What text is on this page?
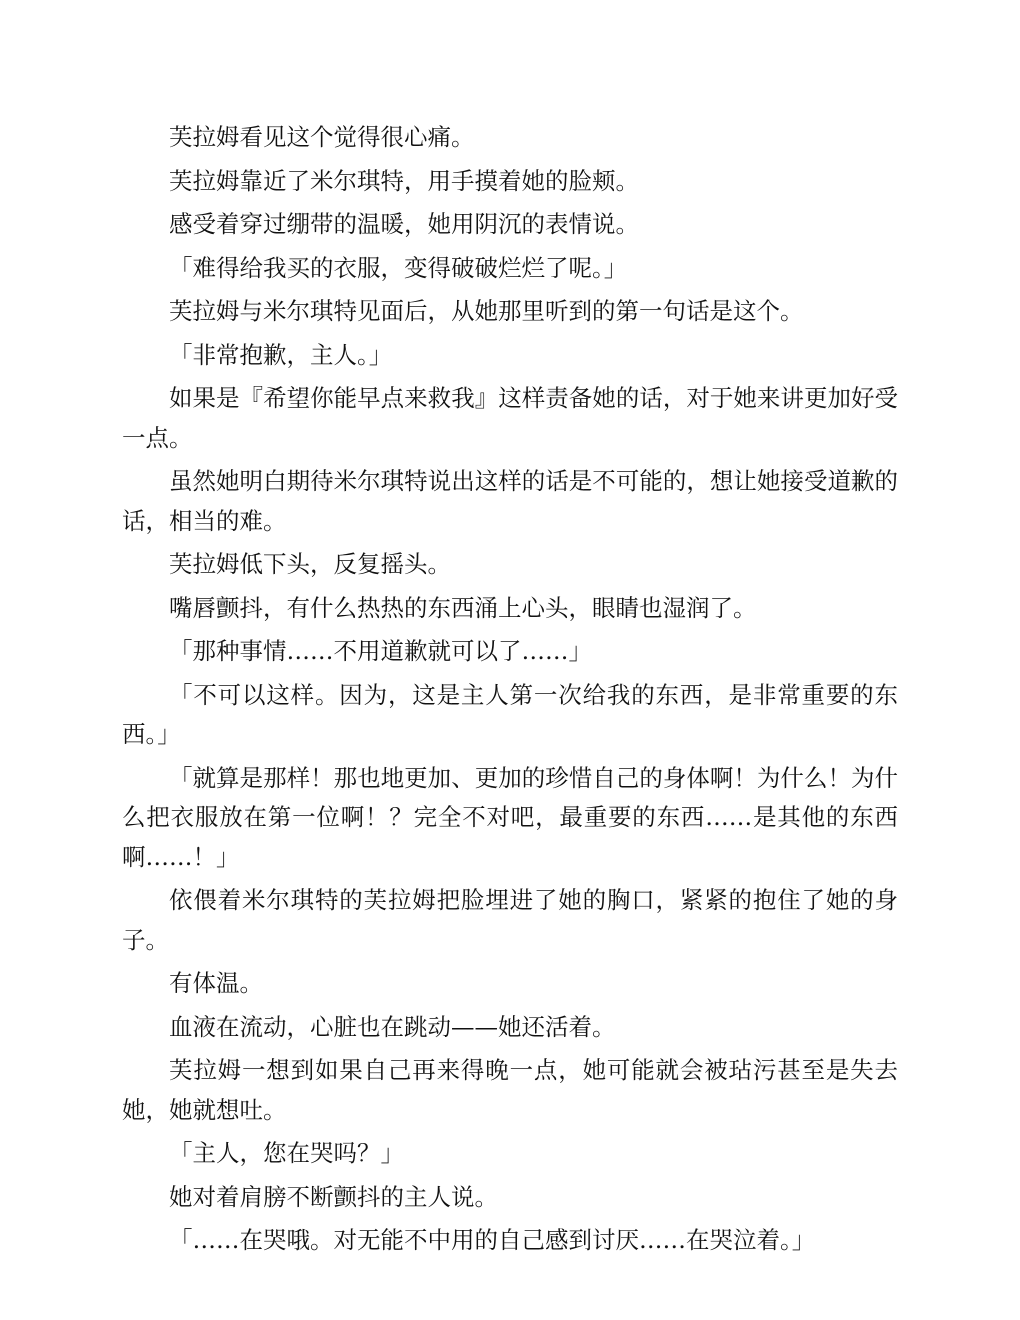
芙拉姆看见这个觉得很心痛。

芙拉姆靠近了米尔琪特，用手摸着她的脸颊。

感受着穿过绷带的温暖，她用阴沉的表情说。

「难得给我买的衣服，变得破破烂烂了呢。」

芙拉姆与米尔琪特见面后，从她那里听到的第一句话是这个。

「非常抱歉，主人。」

如果是『希望你能早点来救我』这样责备她的话，对于她来讲更加好受一点。

虽然她明白期待米尔琪特说出这样的话是不可能的，想让她接受道歉的话，相当的难。

芙拉姆低下头，反复摇头。

嘴唇颤抖，有什么热热的东西涌上心头，眼睛也湿润了。

「那种事情……不用道歉就可以了……」

「不可以这样。因为，这是主人第一次给我的东西，是非常重要的东西。」

「就算是那样！那也地更加、更加的珍惜自己的身体啊！为什么！为什么把衣服放在第一位啊！？完全不对吧，最重要的东西……是其他的东西啊……！」

依偎着米尔琪特的芙拉姆把脸埋进了她的胸口，紧紧的抱住了她的身子。

有体温。

血液在流动，心脏也在跳动——她还活着。

芙拉姆一想到如果自己再来得晚一点，她可能就会被玷污甚至是失去她，她就想吐。

「主人，您在哭吗？」

她对着肩膀不断颤抖的主人说。

「……在哭哦。对无能不中用的自己感到讨厌……在哭泣着。」
